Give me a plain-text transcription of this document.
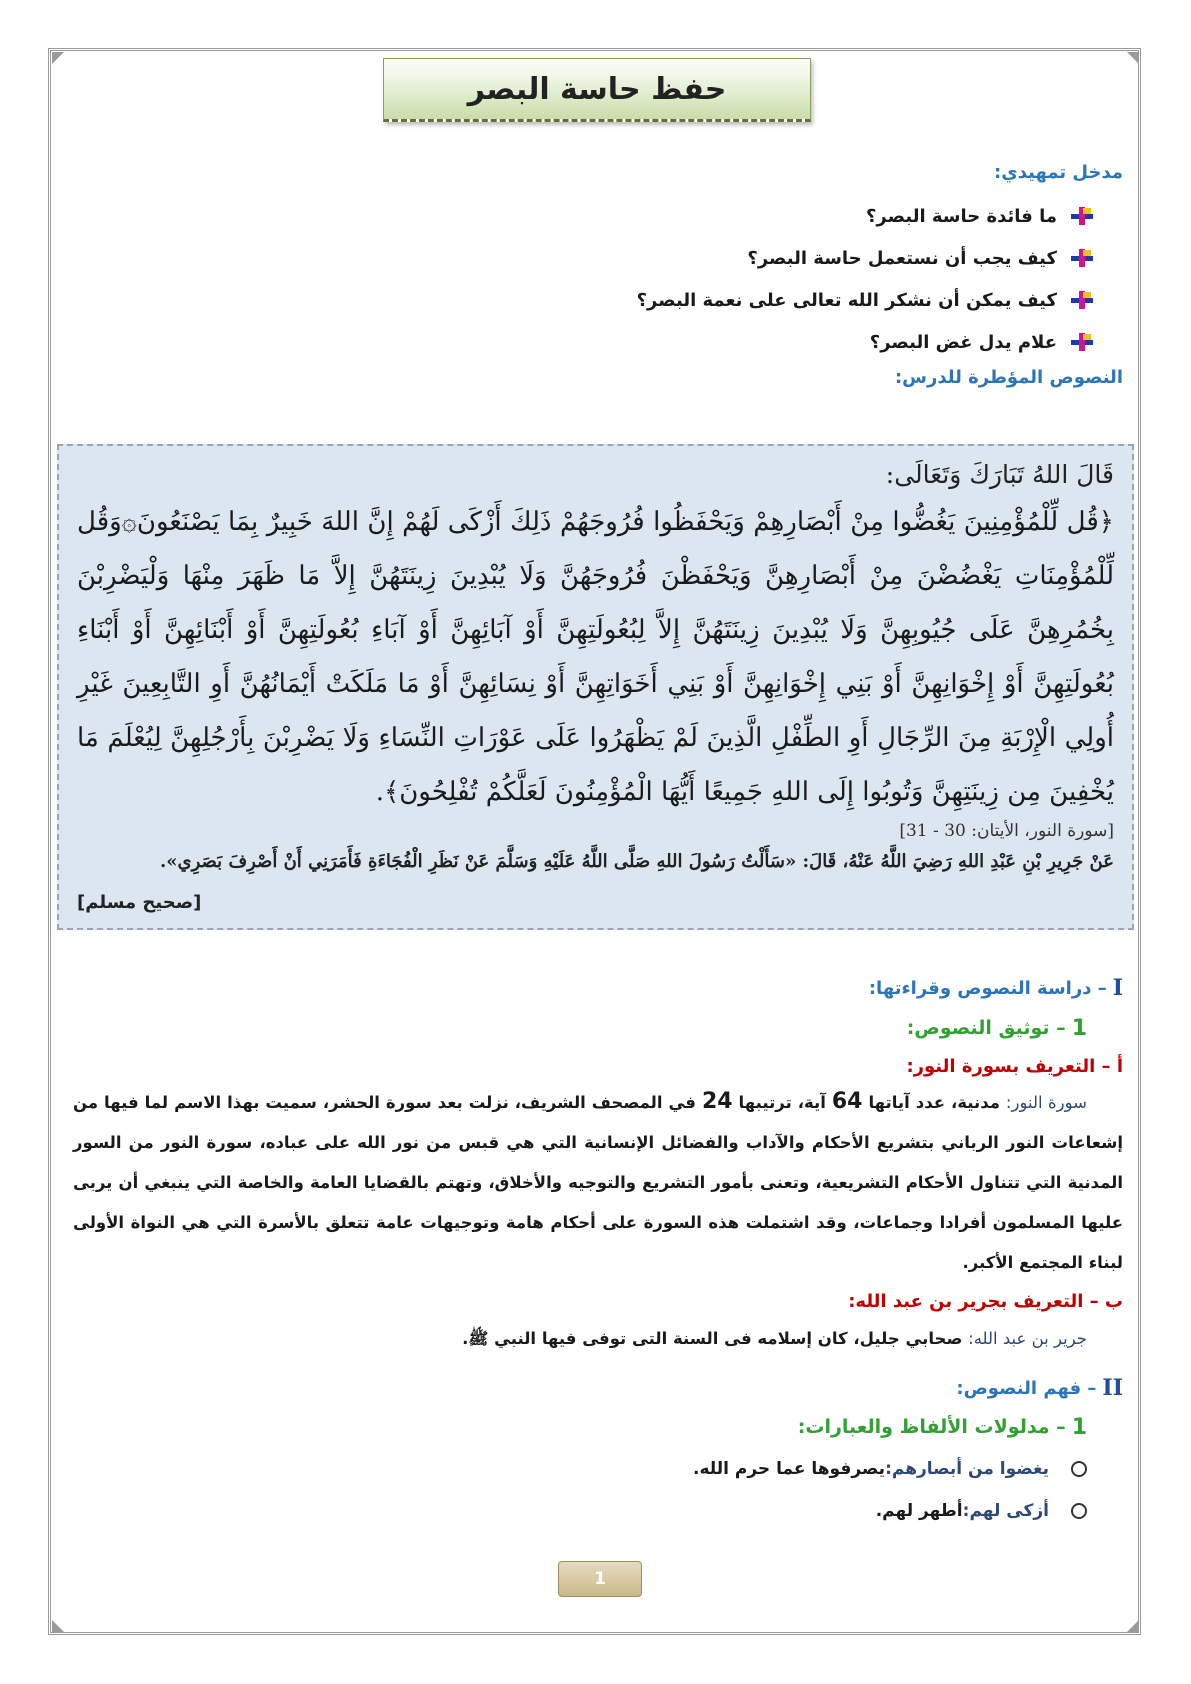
حفظ حاسة البصر
مدخل تمهيدي:
ما فائدة حاسة البصر؟
كيف يجب أن نستعمل حاسة البصر؟
كيف يمكن أن نشكر الله تعالى على نعمة البصر؟
علام يدل غض البصر؟
النصوص المؤطرة للدرس:
قَالَ اللهُ تَبَارَكَ وَتَعَالَى:
﴿قُل لِّلْمُؤْمِنِينَ يَغُضُّوا مِنْ أَبْصَارِهِمْ وَيَحْفَظُوا فُرُوجَهُمْ ذَلِكَ أَزْكَى لَهُمْ إِنَّ اللهَ خَبِيرٌ بِمَا يَصْنَعُونَ۞وَقُل لِّلْمُؤْمِنَاتِ يَغْضُضْنَ مِنْ أَبْصَارِهِنَّ وَيَحْفَظْنَ فُرُوجَهُنَّ وَلَا يُبْدِينَ زِينَتَهُنَّ إِلاَّ مَا ظَهَرَ مِنْهَا وَلْيَضْرِبْنَ بِخُمُرِهِنَّ عَلَى جُيُوبِهِنَّ وَلَا يُبْدِينَ زِينَتَهُنَّ إِلاَّ لِبُعُولَتِهِنَّ أَوْ آبَائِهِنَّ أَوْ آبَاءِ بُعُولَتِهِنَّ أَوْ أَبْنَائِهِنَّ أَوْ أَبْنَاءِ بُعُولَتِهِنَّ أَوْ إِخْوَانِهِنَّ أَوْ بَنِي إِخْوَانِهِنَّ أَوْ بَنِي أَخَوَاتِهِنَّ أَوْ نِسَائِهِنَّ أَوْ مَا مَلَكَتْ أَيْمَانُهُنَّ أَوِ التَّابِعِينَ غَيْرِ أُولِي الْإِرْبَةِ مِنَ الرِّجَالِ أَوِ الطِّفْلِ الَّذِينَ لَمْ يَظْهَرُوا عَلَى عَوْرَاتِ النِّسَاءِ وَلَا يَضْرِبْنَ بِأَرْجُلِهِنَّ لِيُعْلَمَ مَا يُخْفِينَ مِن زِينَتِهِنَّ وَتُوبُوا إِلَى اللهِ جَمِيعًا أَيُّهَا الْمُؤْمِنُونَ لَعَلَّكُمْ تُفْلِحُونَ﴾.
[سورة النور، الأيتان: 30 - 31]
عَنْ جَرِيرِ بْنِ عَبْدِ اللهِ رَضِيَ اللَّهُ عَنْهُ، قَالَ: «سَأَلْتُ رَسُولَ اللهِ صَلَّى اللَّهُ عَلَيْهِ وَسَلَّمَ عَنْ نَظَرِ الْفُجَاءَةِ فَأَمَرَنِي أَنْ أَصْرِفَ بَصَرِي».
[صحيح مسلم]
I
– دراسة النصوص وقراءتها:
1
– توثيق النصوص:
أ – التعريف بسورة النور:
سورة النور: مدنية، عدد آياتها 64 آية، ترتيبها 24 في المصحف الشريف، نزلت بعد سورة الحشر، سميت بهذا الاسم لما فيها من إشعاعات النور الرباني بتشريع الأحكام والآداب والفضائل الإنسانية التي هي قبس من نور الله على عباده، سورة النور من السور المدنية التي تتناول الأحكام التشريعية، وتعنى بأمور التشريع والتوجيه والأخلاق، وتهتم بالقضايا العامة والخاصة التي ينبغي أن يربى عليها المسلمون أفرادا وجماعات، وقد اشتملت هذه السورة على أحكام هامة وتوجيهات عامة تتعلق بالأسرة التي هي النواة الأولى لبناء المجتمع الأكبر.
ب – التعريف بجرير بن عبد الله:
جرير بن عبد الله: صحابي جليل، كان إسلامه فى السنة التى توفى فيها النبي ﷺ.
II
– فهم النصوص:
1
– مدلولات الألفاظ والعبارات:
يغضوا من أبصارهم:
يصرفوها عما حرم الله.
أزكى لهم:
أطهر لهم.
1
